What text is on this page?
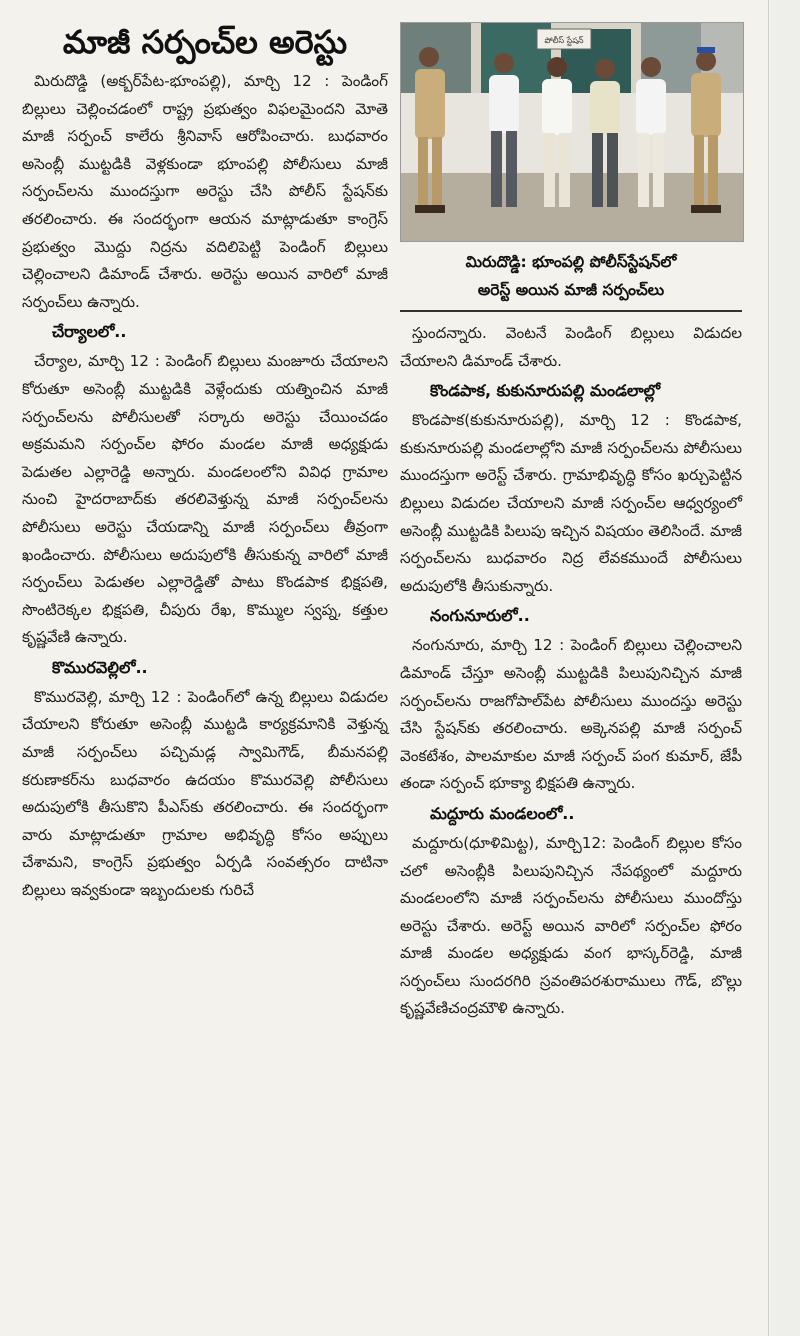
మాజీ సర్పంచ్‌ల అరెస్టు

మిరుదొడ్డి (అక్బర్‌పేట-భూంపల్లి), మార్చి 12 : పెండింగ్ బిల్లులు చెల్లించడంలో రాష్ట్ర ప్రభుత్వం విఫలమైందని మోతె మాజీ సర్పంచ్ కాలేరు శ్రీనివాస్ ఆరోపించారు. బుధవారం అసెంబ్లీ ముట్టడికి వెళ్లకుండా భూంపల్లి పోలీసులు మాజీ సర్పంచ్‌లను ముందస్తుగా అరెస్టు చేసి పోలీస్ స్టేషన్‌కు తరలించారు. ఈ సందర్భంగా ఆయన మాట్లాడుతూ కాంగ్రెస్ ప్రభుత్వం మొద్దు నిద్రను వదిలిపెట్టి పెండింగ్ బిల్లులు చెల్లించాలని డిమాండ్ చేశారు. అరెస్టు అయిన వారిలో మాజీ సర్పంచ్‌లు ఉన్నారు.

చేర్యాలలో..

చేర్యాల, మార్చి 12 : పెండింగ్ బిల్లులు మంజూరు చేయాలని కోరుతూ అసెంబ్లీ ముట్టడికి వెళ్లేందుకు యత్నించిన మాజీ సర్పంచ్‌లను పోలీసులతో సర్కారు అరెస్టు చేయించడం అక్రమమని సర్పంచ్‌ల ఫోరం మండల మాజీ అధ్యక్షుడు పెడుతల ఎల్లారెడ్డి అన్నారు. మండలంలోని వివిధ గ్రామాల నుంచి హైదరాబాద్‌కు తరలివెళ్తున్న మాజీ సర్పంచ్‌లను పోలీసులు అరెస్టు చేయడాన్ని మాజీ సర్పంచ్‌లు తీవ్రంగా ఖండించారు. పోలీసులు అదుపులోకి తీసుకున్న వారిలో మాజీ సర్పంచ్‌లు పెడుతల ఎల్లారెడ్డితో పాటు కొండపాక భిక్షపతి, సొంటిరెక్కల భిక్షపతి, చీపురు రేఖ, కొమ్ముల స్వప్న, కత్తుల కృష్ణవేణి ఉన్నారు.

కొమురవెల్లిలో..

కొమురవెల్లి, మార్చి 12 : పెండింగ్‌లో ఉన్న బిల్లులు విడుదల చేయాలని కోరుతూ అసెంబ్లీ ముట్టడి కార్యక్రమానికి వెళ్తున్న మాజీ సర్పంచ్‌లు పచ్చిమడ్ల స్వామిగౌడ్, బీమనపల్లి కరుణాకర్‌ను బుధవారం ఉదయం కొమురవెల్లి పోలీసులు అదుపులోకి తీసుకొని పీఎస్‌కు తరలించారు. ఈ సందర్భంగా వారు మాట్లాడుతూ గ్రామాల అభివృద్ధి కోసం అప్పులు చేశామని, కాంగ్రెస్ ప్రభుత్వం ఏర్పడి సంవత్సరం దాటినా బిల్లులు ఇవ్వకుండా ఇబ్బందులకు గురిచే

పోలీస్ స్టేషన్
మిరుదొడ్డి: భూంపల్లి పోలీస్‌స్టేషన్‌లో
అరెస్ట్ అయిన మాజీ సర్పంచ్‌లు

స్తుందన్నారు. వెంటనే పెండింగ్ బిల్లులు విడుదల చేయాలని డిమాండ్ చేశారు.

కొండపాక, కుకునూరుపల్లి మండలాల్లో

కొండపాక(కుకునూరుపల్లి), మార్చి 12 : కొండపాక, కుకునూరుపల్లి మండలాల్లోని మాజీ సర్పంచ్‌లను పోలీసులు ముందస్తుగా అరెస్ట్ చేశారు. గ్రామాభివృద్ధి కోసం ఖర్చుపెట్టిన బిల్లులు విడుదల చేయాలని మాజీ సర్పంచ్‌ల ఆధ్వర్యంలో అసెంబ్లీ ముట్టడికి పిలుపు ఇచ్చిన విషయం తెలిసిందే. మాజీ సర్పంచ్‌లను బుధవారం నిద్ర లేవకముందే పోలీసులు అదుపులోకి తీసుకున్నారు.

నంగునూరులో..

నంగునూరు, మార్చి 12 : పెండింగ్ బిల్లులు చెల్లించాలని డిమాండ్ చేస్తూ అసెంబ్లీ ముట్టడికి పిలుపునిచ్చిన మాజీ సర్పంచ్‌లను రాజగోపాల్‌పేట పోలీసులు ముందస్తు అరెస్టు చేసి స్టేషన్‌కు తరలించారు. అక్కెనపల్లి మాజీ సర్పంచ్ వెంకటేశం, పాలమాకుల మాజీ సర్పంచ్ పంగ కుమార్, జేపీ తండా సర్పంచ్ భూక్యా భిక్షపతి ఉన్నారు.

మద్దూరు మండలంలో..

మద్దూరు(ధూళిమిట్ట), మార్చి12: పెండింగ్ బిల్లుల కోసం చలో అసెంబ్లీకి పిలుపునిచ్చిన నేపథ్యంలో మద్దూరు మండలంలోని మాజీ సర్పంచ్‌లను పోలీసులు ముందోస్తు అరెస్టు చేశారు. అరెస్ట్ అయిన వారిలో సర్పంచ్‌ల ఫోరం మాజీ మండల అధ్యక్షుడు వంగ భాస్కర్‌రెడ్డి, మాజీ సర్పంచ్‌లు సుందరగిరి స్రవంతిపరశురాములు గౌడ్, బొల్లు కృష్ణవేణిచంద్రమౌళి ఉన్నారు.
